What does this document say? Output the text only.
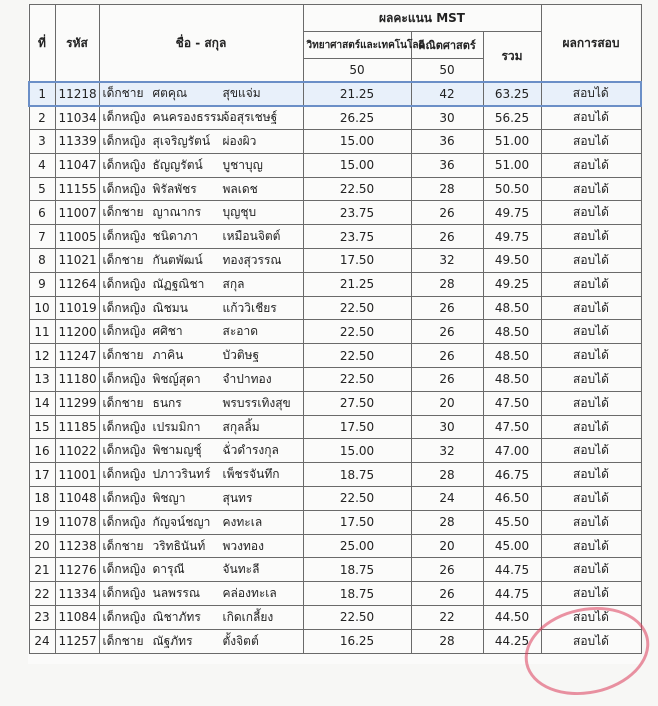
ที่	รหัส	ชื่อ - สกุล	ผลคะแนน MST			ผลการสอบ
			วิทยาศาสตร์และเทคโนโลยี	คณิตศาสตร์	รวม	
			50	50		
1	11218	เด็กชาย ศตคุณ สุขแจ่ม	21.25	42	63.25	สอบได้
2	11034	เด็กหญิง คนครองธรรมจ้อสุรเชษฐ์	26.25	30	56.25	สอบได้
3	11339	เด็กหญิง สุเจริญรัตน์ ผ่องผิว	15.00	36	51.00	สอบได้
4	11047	เด็กหญิง ธัญญรัตน์ บูชาบุญ	15.00	36	51.00	สอบได้
5	11155	เด็กหญิง พิรัลพัชร พลเดช	22.50	28	50.50	สอบได้
6	11007	เด็กชาย ญาณากร บุญชุบ	23.75	26	49.75	สอบได้
7	11005	เด็กหญิง ชนิดาภา เหมือนจิตต์	23.75	26	49.75	สอบได้
8	11021	เด็กชาย กันตพัฒน์ ทองสุวรรณ	17.50	32	49.50	สอบได้
9	11264	เด็กหญิง ณัฏฐณิชา สกุล	21.25	28	49.25	สอบได้
10	11019	เด็กหญิง ณิชมน แก้ววิเชียร	22.50	26	48.50	สอบได้
11	11200	เด็กหญิง ศศิชา สะอาด	22.50	26	48.50	สอบได้
12	11247	เด็กชาย ภาคิน บัวติษฐ	22.50	26	48.50	สอบได้
13	11180	เด็กหญิง พิชญ์สุดา จำปาทอง	22.50	26	48.50	สอบได้
14	11299	เด็กชาย ธนกร พรบรรเทิงสุข	27.50	20	47.50	สอบได้
15	11185	เด็กหญิง เปรมมิกา สกุลลิ้ม	17.50	30	47.50	สอบได้
16	11022	เด็กหญิง พิชามญชุ์ ฉั่วดำรงกุล	15.00	32	47.00	สอบได้
17	11001	เด็กหญิง ปภาวรินทร์ เพ็ชรจันทึก	18.75	28	46.75	สอบได้
18	11048	เด็กหญิง พิชญา สุนทร	22.50	24	46.50	สอบได้
19	11078	เด็กหญิง กัญจน์ชญา คงทะเล	17.50	28	45.50	สอบได้
20	11238	เด็กชาย วริทธินันท์ พวงทอง	25.00	20	45.00	สอบได้
21	11276	เด็กหญิง ดารุณี จันทะลี	18.75	26	44.75	สอบได้
22	11334	เด็กหญิง นลพรรณ คล่องทะเล	18.75	26	44.75	สอบได้
23	11084	เด็กหญิง ณิชาภัทร เกิดเกลี้ยง	22.50	22	44.50	สอบได้
24	11257	เด็กชาย ณัฐภัทร ตั้งจิตต์	16.25	28	44.25	สอบได้
